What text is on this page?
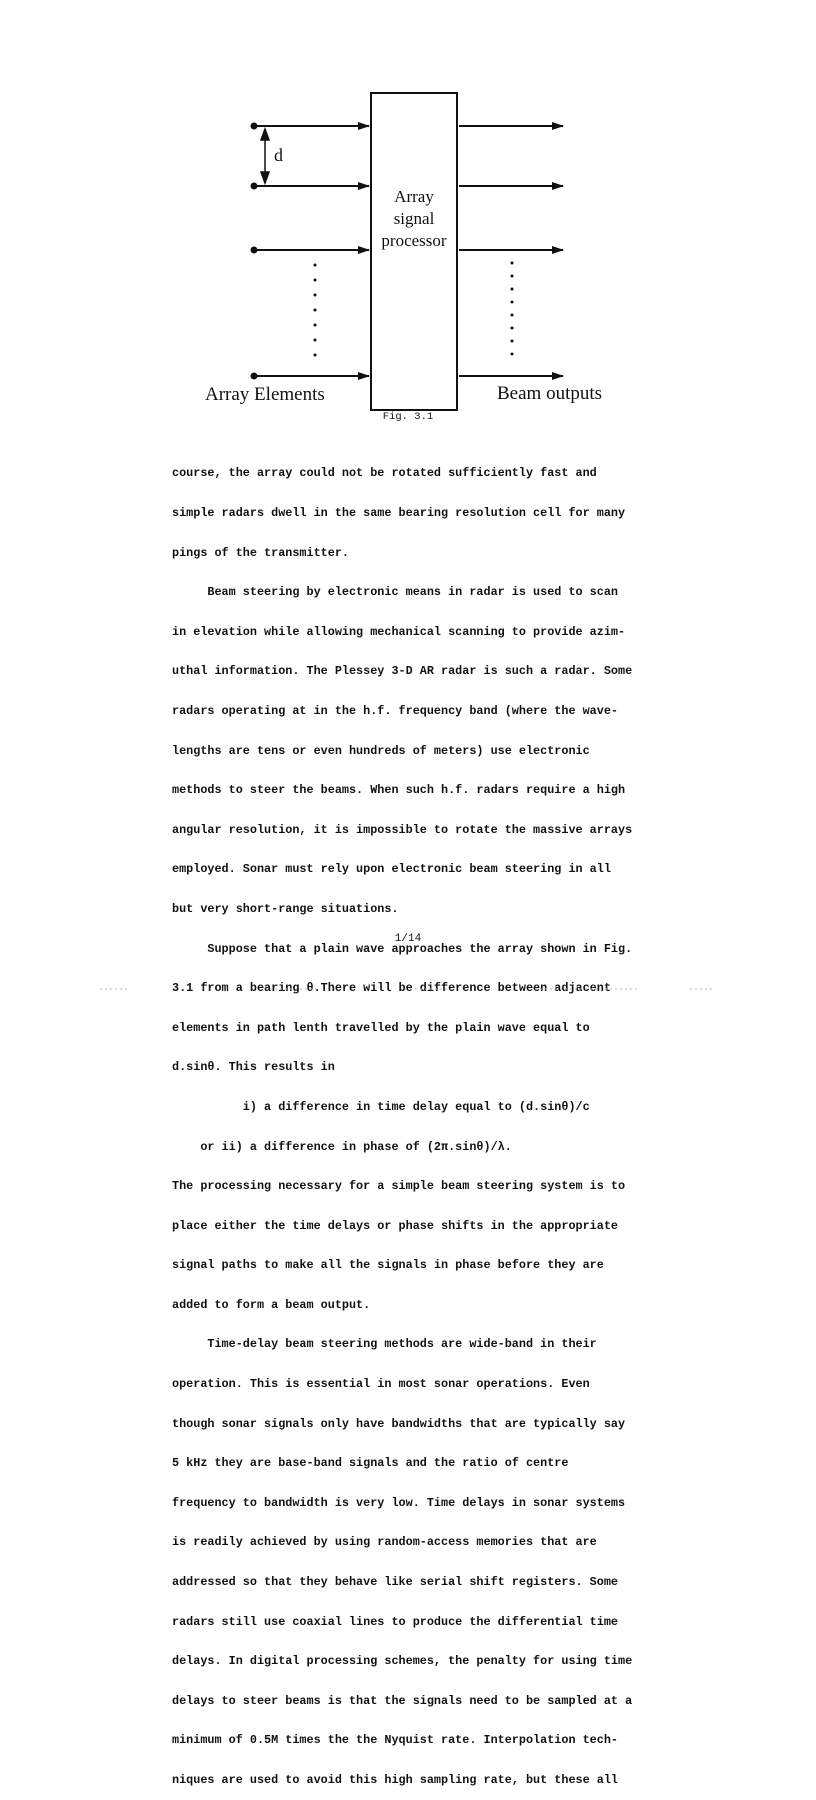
Array
signal
processor
d
Array Elements	Beam outputs
Fig. 3.1

course, the array could not be rotated sufficiently fast and

simple radars dwell in the same bearing resolution cell for many

pings of the transmitter.

Beam steering by electronic means in radar is used to scan

in elevation while allowing mechanical scanning to provide azim-

uthal information. The Plessey 3-D AR radar is such a radar. Some

radars operating at in the h.f. frequency band (where the wave-

lengths are tens or even hundreds of meters) use electronic

methods to steer the beams. When such h.f. radars require a high

angular resolution, it is impossible to rotate the massive arrays

employed. Sonar must rely upon electronic beam steering in all

but very short-range situations.

Suppose that a plain wave approaches the array shown in Fig.

3.1 from a bearing θ.There will be difference between adjacent

elements in path lenth travelled by the plain wave equal to

d.sinθ. This results in

i) a difference in time delay equal to (d.sinθ)/c

or ii) a difference in phase of (2π.sinθ)/λ.

The processing necessary for a simple beam steering system is to

place either the time delays or phase shifts in the appropriate

signal paths to make all the signals in phase before they are

added to form a beam output.

Time-delay beam steering methods are wide-band in their

operation. This is essential in most sonar operations. Even

though sonar signals only have bandwidths that are typically say

5 kHz they are base-band signals and the ratio of centre

frequency to bandwidth is very low. Time delays in sonar systems

is readily achieved by using random-access memories that are

addressed so that they behave like serial shift registers. Some

radars still use coaxial lines to produce the differential time

delays. In digital processing schemes, the penalty for using time

delays to steer beams is that the signals need to be sampled at a

minimum of 0.5M times the the Nyquist rate. Interpolation tech-

niques are used to avoid this high sampling rate, but these all

1/14
